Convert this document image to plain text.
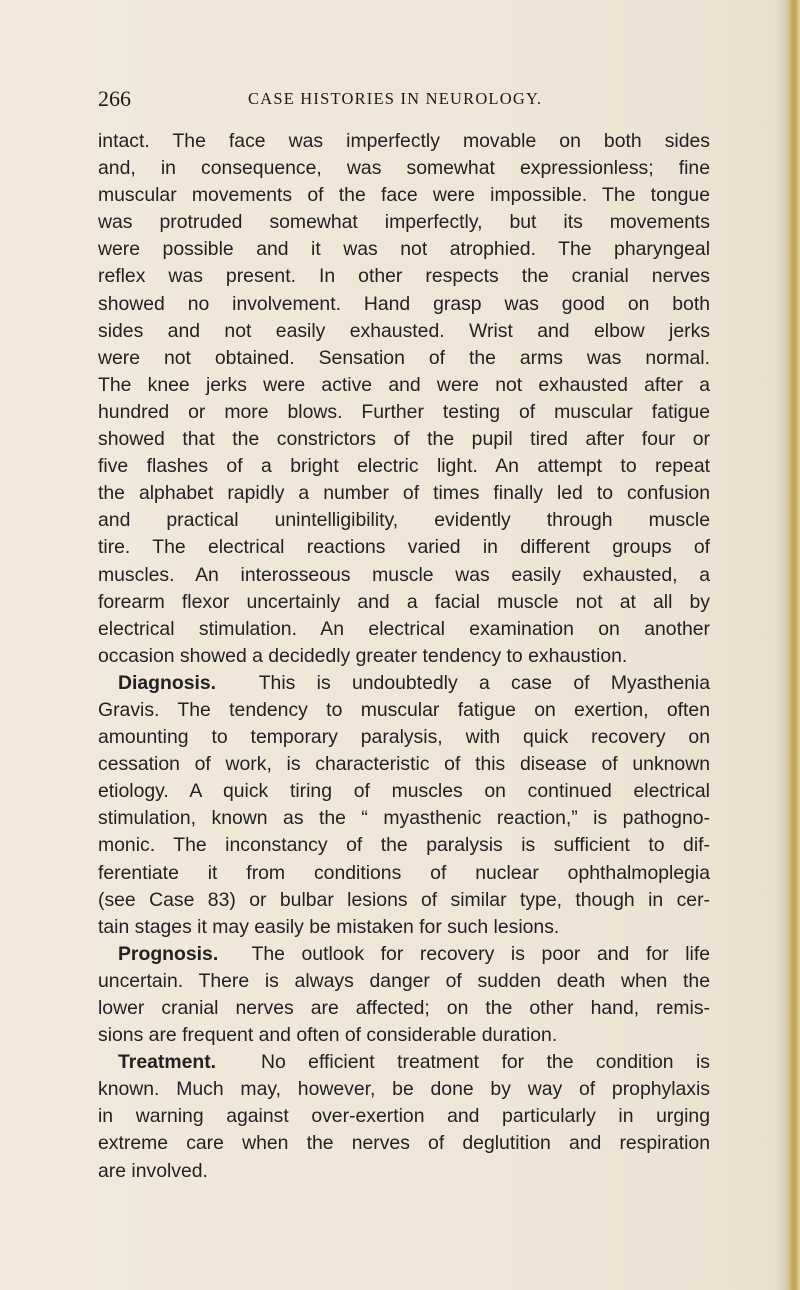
266	CASE HISTORIES IN NEUROLOGY.
intact. The face was imperfectly movable on both sides
and, in consequence, was somewhat expressionless; fine
muscular movements of the face were impossible. The tongue
was protruded somewhat imperfectly, but its movements
were possible and it was not atrophied. The pharyngeal
reflex was present. In other respects the cranial nerves
showed no involvement. Hand grasp was good on both
sides and not easily exhausted. Wrist and elbow jerks
were not obtained. Sensation of the arms was normal.
The knee jerks were active and were not exhausted after a
hundred or more blows. Further testing of muscular fatigue
showed that the constrictors of the pupil tired after four or
five flashes of a bright electric light. An attempt to repeat
the alphabet rapidly a number of times finally led to confusion
and practical unintelligibility, evidently through muscle
tire. The electrical reactions varied in different groups of
muscles. An interosseous muscle was easily exhausted, a
forearm flexor uncertainly and a facial muscle not at all by
electrical stimulation. An electrical examination on another
occasion showed a decidedly greater tendency to exhaustion.
Diagnosis. This is undoubtedly a case of Myasthenia
Gravis. The tendency to muscular fatigue on exertion, often
amounting to temporary paralysis, with quick recovery on
cessation of work, is characteristic of this disease of unknown
etiology. A quick tiring of muscles on continued electrical
stimulation, known as the “ myasthenic reaction,” is pathogno-
monic. The inconstancy of the paralysis is sufficient to dif-
ferentiate it from conditions of nuclear ophthalmoplegia
(see Case 83) or bulbar lesions of similar type, though in cer-
tain stages it may easily be mistaken for such lesions.
Prognosis. The outlook for recovery is poor and for life
uncertain. There is always danger of sudden death when the
lower cranial nerves are affected; on the other hand, remis-
sions are frequent and often of considerable duration.
Treatment. No efficient treatment for the condition is
known. Much may, however, be done by way of prophylaxis
in warning against over-exertion and particularly in urging
extreme care when the nerves of deglutition and respiration
are involved.
